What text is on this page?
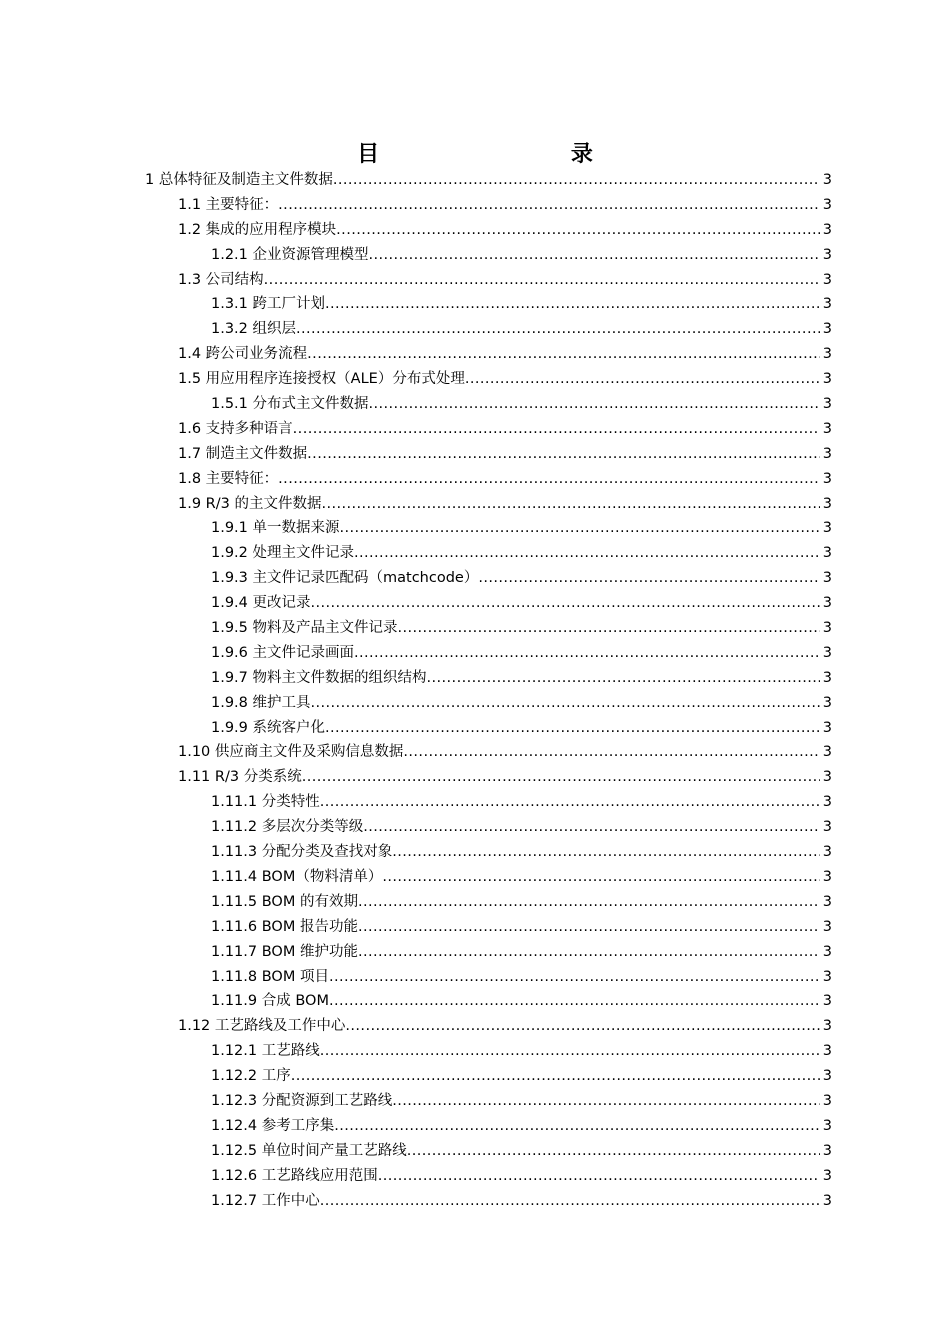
目 录
1 总体特征及制造主文件数据 .....	3
1.1 主要特征： .....	3
1.2 集成的应用程序模块 .....	3
1.2.1 企业资源管理模型 .....	3
1.3 公司结构 .....	3
1.3.1 跨工厂计划 .....	3
1.3.2 组织层 .....	3
1.4 跨公司业务流程 .....	3
1.5 用应用程序连接授权（ALE）分布式处理 .....	3
1.5.1 分布式主文件数据 .....	3
1.6 支持多种语言 .....	3
1.7 制造主文件数据 .....	3
1.8 主要特征： .....	3
1.9 R/3 的主文件数据 .....	3
1.9.1 单一数据来源 .....	3
1.9.2 处理主文件记录 .....	3
1.9.3 主文件记录匹配码（matchcode） .....	3
1.9.4 更改记录 .....	3
1.9.5 物料及产品主文件记录 .....	3
1.9.6 主文件记录画面 .....	3
1.9.7 物料主文件数据的组织结构 .....	3
1.9.8 维护工具 .....	3
1.9.9 系统客户化 .....	3
1.10 供应商主文件及采购信息数据 .....	3
1.11 R/3 分类系统 .....	3
1.11.1 分类特性 .....	3
1.11.2 多层次分类等级 .....	3
1.11.3 分配分类及查找对象 .....	3
1.11.4 BOM（物料清单） .....	3
1.11.5 BOM 的有效期 .....	3
1.11.6 BOM 报告功能 .....	3
1.11.7 BOM 维护功能 .....	3
1.11.8 BOM 项目 .....	3
1.11.9 合成 BOM .....	3
1.12 工艺路线及工作中心 .....	3
1.12.1 工艺路线 .....	3
1.12.2 工序 .....	3
1.12.3 分配资源到工艺路线 .....	3
1.12.4 参考工序集 .....	3
1.12.5 单位时间产量工艺路线 .....	3
1.12.6 工艺路线应用范围 .....	3
1.12.7 工作中心 .....	3
